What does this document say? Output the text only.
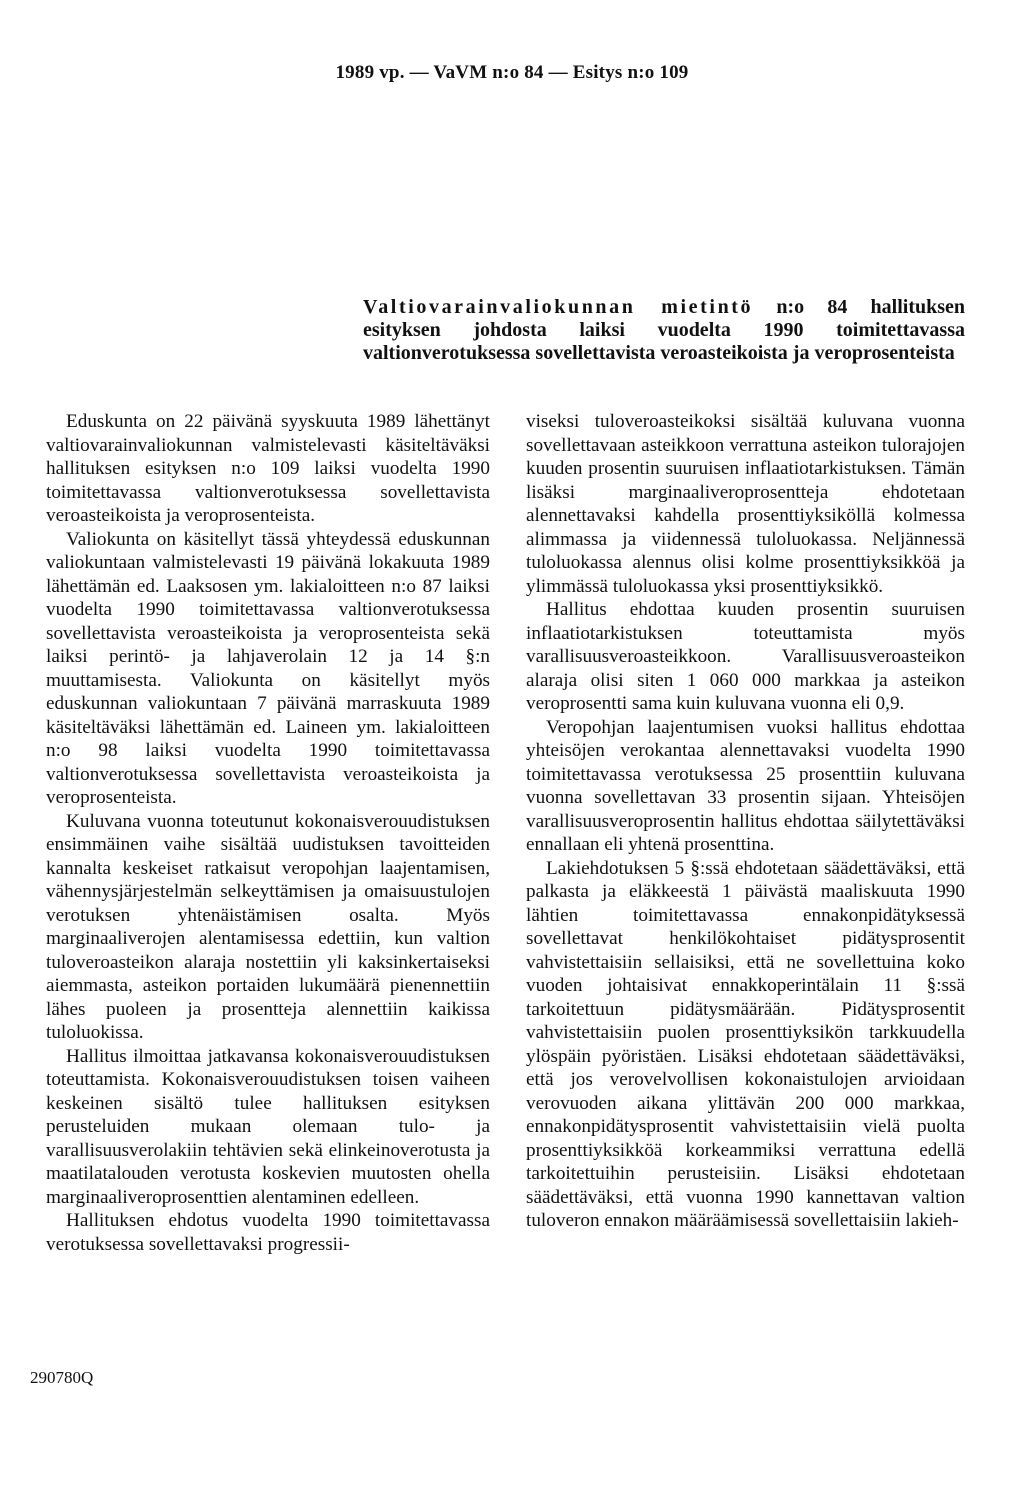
1989 vp. — VaVM n:o 84 — Esitys n:o 109
Valtiovarainvaliokunnan mietintö n:o 84 hallituksen esityksen johdosta laiksi vuodelta 1990 toimitettavassa valtionverotuksessa sovellettavista veroasteikoista ja veroprosenteista

Eduskunta on 22 päivänä syyskuuta 1989 lähettänyt valtiovarainvaliokunnan valmistelevasti käsiteltäväksi hallituksen esityksen n:o 109 laiksi vuodelta 1990 toimitettavassa valtionverotuksessa sovellettavista veroasteikoista ja veroprosenteista.

Valiokunta on käsitellyt tässä yhteydessä eduskunnan valiokuntaan valmistelevasti 19 päivänä lokakuuta 1989 lähettämän ed. Laaksosen ym. lakialoitteen n:o 87 laiksi vuodelta 1990 toimitettavassa valtionverotuksessa sovellettavista veroasteikoista ja veroprosenteista sekä laiksi perintö- ja lahjaverolain 12 ja 14 §:n muuttamisesta. Valiokunta on käsitellyt myös eduskunnan valiokuntaan 7 päivänä marraskuuta 1989 käsiteltäväksi lähettämän ed. Laineen ym. lakialoitteen n:o 98 laiksi vuodelta 1990 toimitettavassa valtionverotuksessa sovellettavista veroasteikoista ja veroprosenteista.

Kuluvana vuonna toteutunut kokonaisverouudistuksen ensimmäinen vaihe sisältää uudistuksen tavoitteiden kannalta keskeiset ratkaisut veropohjan laajentamisen, vähennysjärjestelmän selkeyttämisen ja omaisuustulojen verotuksen yhtenäistämisen osalta. Myös marginaaliverojen alentamisessa edettiin, kun valtion tuloveroasteikon alaraja nostettiin yli kaksinkertaiseksi aiemmasta, asteikon portaiden lukumäärä pienennettiin lähes puoleen ja prosenttеja alennettiin kaikissa tuloluokissa.

Hallitus ilmoittaa jatkavansa kokonaisverouudistuksen toteuttamista. Kokonaisverouudistuksen toisen vaiheen keskeinen sisältö tulee hallituksen esityksen perusteluiden mukaan olemaan tulo- ja varallisuusverolakiin tehtävien sekä elinkeinoverotusta ja maatilatalouden verotusta koskevien muutosten ohella marginaaliveroprosenttien alentaminen edelleen.

Hallituksen ehdotus vuodelta 1990 toimitettavassa verotuksessa sovellettavaksi progressii-

viseksi tuloveroasteikoksi sisältää kuluvana vuonna sovellettavaan asteikkoon verrattuna asteikon tulorajojen kuuden prosentin suuruisen inflaatiotarkistuksen. Tämän lisäksi marginaaliveroprosentteja ehdotetaan alennettavaksi kahdella prosenttiyksiköllä kolmessa alimmassa ja viidennessä tuloluokassa. Neljännessä tuloluokassa alennus olisi kolme prosenttiyksikköä ja ylimmässä tuloluokassa yksi prosenttiyksikkö.

Hallitus ehdottaa kuuden prosentin suuruisen inflaatiotarkistuksen toteuttamista myös varallisuusveroasteikkoon. Varallisuusveroasteikon alaraja olisi siten 1 060 000 markkaa ja asteikon veroprosentti sama kuin kuluvana vuonna eli 0,9.

Veropohjan laajentumisen vuoksi hallitus ehdottaa yhteisöjen verokantaa alennettavaksi vuodelta 1990 toimitettavassa verotuksessa 25 prosenttiin kuluvana vuonna sovellettavan 33 prosentin sijaan. Yhteisöjen varallisuusveroprosentin hallitus ehdottaa säilytettäväksi ennallaan eli yhtenä prosenttina.

Lakiehdotuksen 5 §:ssä ehdotetaan säädettäväksi, että palkasta ja eläkkeestä 1 päivästä maaliskuuta 1990 lähtien toimitettavassa ennakonpidätyksessä sovellettavat henkilökohtaiset pidätysprosentit vahvistettaisiin sellaisiksi, että ne sovellettuina koko vuoden johtaisivat ennakkoperintälain 11 §:ssä tarkoitettuun pidätysmäärään. Pidätysprosentit vahvistettaisiin puolen prosenttiyksikön tarkkuudella ylöspäin pyöristäen. Lisäksi ehdotetaan säädettäväksi, että jos verovelvollisen kokonaistulojen arvioidaan verovuoden aikana ylittävän 200 000 markkaa, ennakonpidätysprosentit vahvistettaisiin vielä puolta prosenttiyksikköä korkeammiksi verrattuna edellä tarkoitettuihin perusteisiin. Lisäksi ehdotetaan säädettäväksi, että vuonna 1990 kannettavan valtion tuloveron ennakon määräämisessä sovellettaisiin lakieh-

290780Q
